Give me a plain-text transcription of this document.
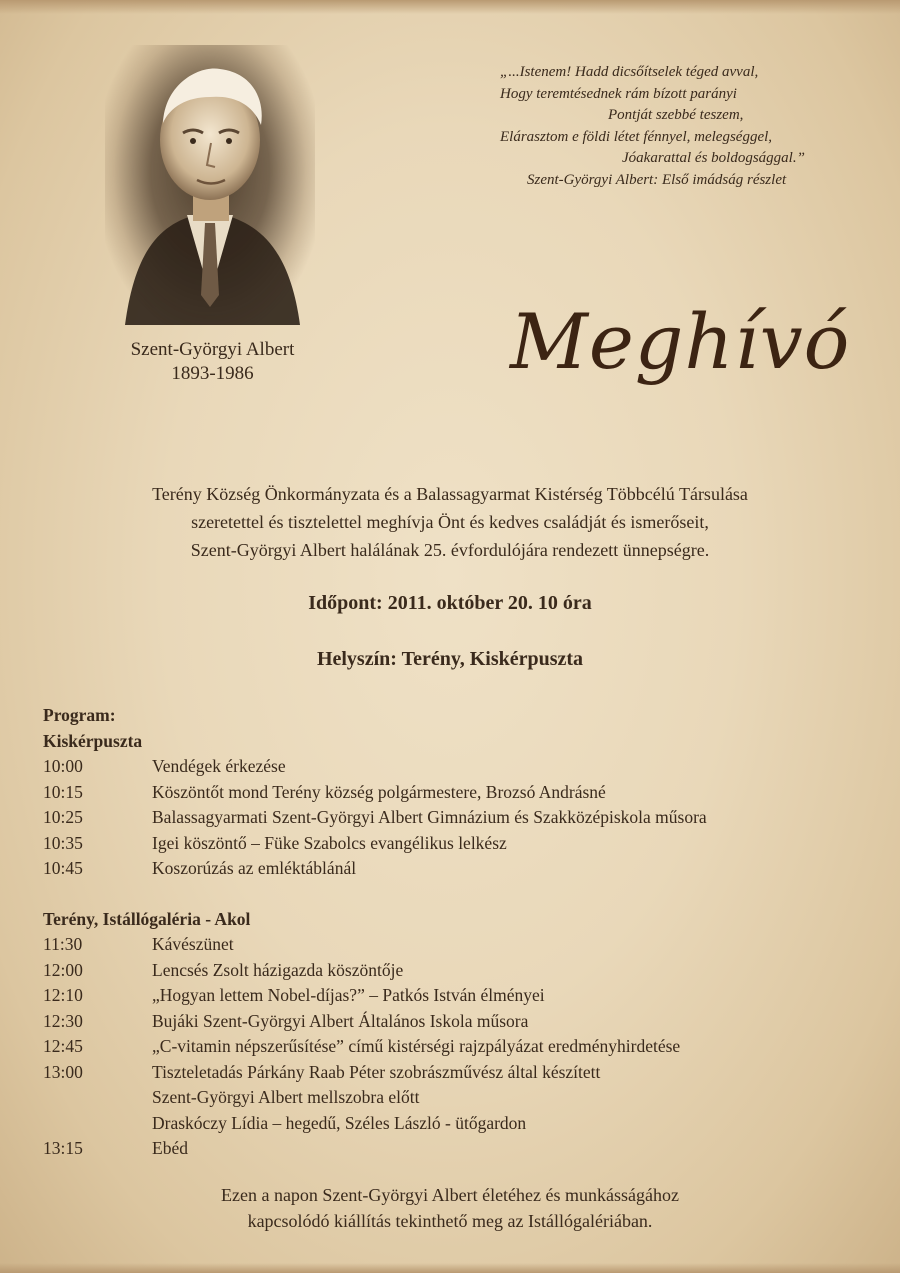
Szent-Györgyi Albert
1893-1986
„...Istenem! Hadd dicsőítselek téged avval,
Hogy teremtésednek rám bízott parányi
Pontját szebbé teszem,
Elárasztom e földi létet fénnyel, melegséggel,
Jóakarattal és boldogsággal.”
Szent-Györgyi Albert: Első imádság részlet
Meghívó
Terény Község Önkormányzata és a Balassagyarmat Kistérség Többcélú Társulása
szeretettel és tisztelettel meghívja Önt és kedves családját és ismerőseit,
Szent-Györgyi Albert halálának 25. évfordulójára rendezett ünnepségre.
Időpont: 2011. október 20. 10 óra
Helyszín: Terény, Kiskérpuszta
Program:
Kiskérpuszta
10:00	Vendégek érkezése
10:15	Köszöntőt mond Terény község polgármestere, Brozsó Andrásné
10:25	Balassagyarmati Szent-Györgyi Albert Gimnázium és Szakközépiskola műsora
10:35	Igei köszöntő – Füke Szabolcs evangélikus lelkész
10:45	Koszorúzás az emléktáblánál
Terény, Istállógaléria - Akol
11:30	Kávészünet
12:00	Lencsés Zsolt házigazda köszöntője
12:10	„Hogyan lettem Nobel-díjas?” – Patkós István élményei
12:30	Bujáki Szent-Györgyi Albert Általános Iskola műsora
12:45	„C-vitamin népszerűsítése” című kistérségi rajzpályázat eredményhirdetése
13:00	Tiszteletadás Párkány Raab Péter szobrászművész által készített
Szent-Györgyi Albert mellszobra előtt
Draskóczy Lídia – hegedű, Széles László - ütőgardon
13:15	Ebéd
Ezen a napon Szent-Györgyi Albert életéhez és munkásságához
kapcsolódó kiállítás tekinthető meg az Istállógalériában.
